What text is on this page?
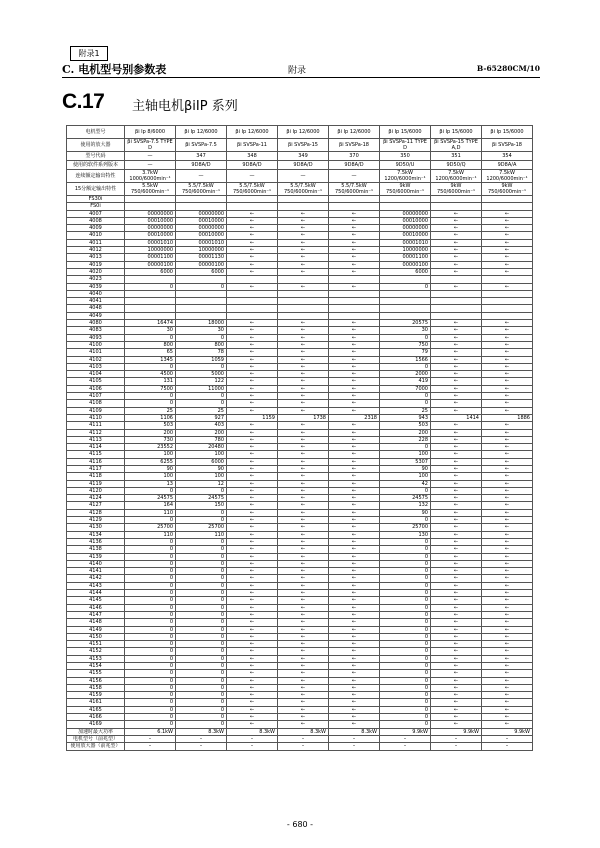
附录1
C. 电机型号别参数表	附录	B-65280CM/10
C.17 主轴电机βiIP 系列
电机型号	βi Ip 8/6000	βi Ip 12/6000	βi Ip 12/6000	βi Ip 12/6000	βi Ip 12/6000	βi Ip 15/6000	βi Ip 15/6000	βi Ip 15/6000
使用的放大器	βi SVSPa-7.5 TYPE D	βi SVSPa-7.5	βi SVSPa-11	βi SVSPa-15	βi SVSPa-18	βi SVSPa-11 TYPE D	βi SVSPa-15 TYPE A,D	βi SVSPa-18
型号代码	—	347	348	349	370	350	351	354
使用的软件系列版本	—	9D8A/D	9D8A/D	9D8A/D	9D8A/D	9D50/U	9D50/Q	9D8A/A
连续额定输出特性	3.7kW 1000/6000min⁻¹	—	—	—	—	7.5kW 1200/6000min⁻¹	7.5kW 1200/6000min⁻¹	7.5kW 1200/6000min⁻¹
15分额定输出特性	5.5kW 750/6000min⁻¹	5.5/7.5kW 750/6000min⁻¹	5.5/7.5kW 750/6000min⁻¹	5.5/7.5kW 750/6000min⁻¹	5.5/7.5kW 750/6000min⁻¹	9kW 750/6000min⁻¹	9kW 750/6000min⁻¹	9kW 750/6000min⁻¹
FS30i								
FS0i								
4007	00000000	00000000	←	←	←	00000000	←	←
4008	00010000	00010000	←	←	←	00010000	←	←
4009	00000000	00000000	←	←	←	00000000	←	←
4010	00010000	00010000	←	←	←	00010000	←	←
4011	00001010	00001010	←	←	←	00001010	←	←
4012	10000000	10000000	←	←	←	10000000	←	←
4013	00001100	00001130	←	←	←	00001100	←	←
4019	00000100	00000100	←	←	←	00000100	←	←
4020	6000	6000	←	←	←	6000	←	←
4023								
4039	0	0	←	←	←	0	←	←
4040								
4041								
4048								
4049								
4080	16474	18000	←	←	←	20575	←	←
4083	30	30	←	←	←	30	←	←
4093	0	0	←	←	←	0	←	←
4100	800	800	←	←	←	750	←	←
4101	65	78	←	←	←	79	←	←
4102	1345	1059	←	←	←	1566	←	←
4103	0	0	←	←	←	0	←	←
4104	4500	5000	←	←	←	2000	←	←
4105	131	122	←	←	←	419	←	←
4106	7500	11000	←	←	←	7000	←	←
4107	0	0	←	←	←	0	←	←
4108	0	0	←	←	←	0	←	←
4109	25	25	←	←	←	25	←	←
4110	1106	927	1159	1738	2318	943	1414	1886
4111	503	403	←	←	←	503	←	←
4112	200	200	←	←	←	200	←	←
4113	730	780	←	←	←	228	←	←
4114	23552	20480	←	←	←	0	←	←
4115	100	100	←	←	←	100	←	←
4116	6255	6000	←	←	←	5307	←	←
4117	90	90	←	←	←	90	←	←
4118	100	100	←	←	←	100	←	←
4119	13	12	←	←	←	42	←	←
4120	0	0	←	←	←	0	←	←
4124	24575	24575	←	←	←	24575	←	←
4127	164	150	←	←	←	132	←	←
4128	110	0	←	←	←	90	←	←
4129	0	0	←	←	←	0	←	←
4130	25700	25700	←	←	←	25700	←	←
4134	110	110	←	←	←	130	←	←
4136	0	0	←	←	←	0	←	←
4138	0	0	←	←	←	0	←	←
4139	0	0	←	←	←	0	←	←
4140	0	0	←	←	←	0	←	←
4141	0	0	←	←	←	0	←	←
4142	0	0	←	←	←	0	←	←
4143	0	0	←	←	←	0	←	←
4144	0	0	←	←	←	0	←	←
4145	0	0	←	←	←	0	←	←
4146	0	0	←	←	←	0	←	←
4147	0	0	←	←	←	0	←	←
4148	0	0	←	←	←	0	←	←
4149	0	0	←	←	←	0	←	←
4150	0	0	←	←	←	0	←	←
4151	0	0	←	←	←	0	←	←
4152	0	0	←	←	←	0	←	←
4153	0	0	←	←	←	0	←	←
4154	0	0	←	←	←	0	←	←
4155	0	0	←	←	←	0	←	←
4156	0	0	←	←	←	0	←	←
4158	0	0	←	←	←	0	←	←
4159	0	0	←	←	←	0	←	←
4161	0	0	←	←	←	0	←	←
4165	0	0	←	←	←	0	←	←
4166	0	0	←	←	←	0	←	←
4169	0	0	←	←	←	0	←	←
加速时最大功率	6.1kW	8.3kW	8.3kW	8.3kW	8.3kW	9.9kW	9.9kW	9.9kW
电机型号（前兆型）	–	–	–	–	–	–	–	–
使用放大器（前兆型）	–	–	–	–	–	–	–	–
- 680 -
